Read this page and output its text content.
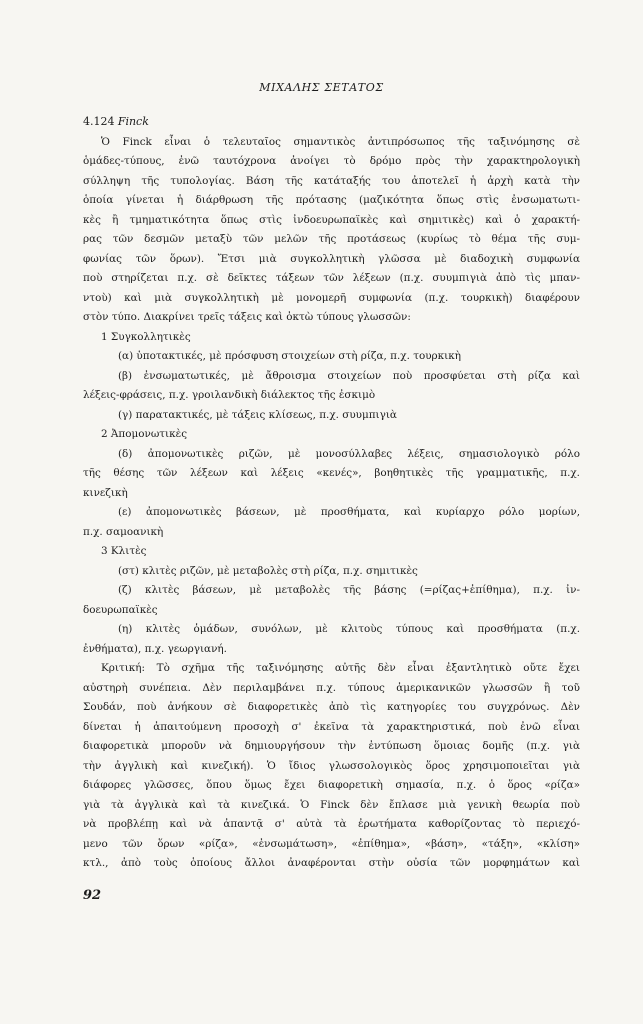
ΜΙΧΑΛΗΣ ΣΕΤΑΤΟΣ
4.124 Finck
Ὁ Finck εἶναι ὁ τελευταῖος σημαντικὸς ἀντιπρόσωπος τῆς ταξινόμησης σὲ
ὁμάδες-τύπους, ἐνῶ ταυτόχρονα ἀνοίγει τὸ δρόμο πρὸς τὴν χαρακτηρολογικὴ
σύλληψη τῆς τυπολογίας. Βάση τῆς κατάταξής του ἀποτελεῖ ἡ ἀρχὴ κατὰ τὴν
ὁποία γίνεται ἡ διάρθρωση τῆς πρότασης (μαζικότητα ὅπως στὶς ἐνσωματωτι-
κὲς ἢ τμηματικότητα ὅπως στὶς ἰνδοευρωπαϊκὲς καὶ σημιτικὲς) καὶ ὁ χαρακτή-
ρας τῶν δεσμῶν μεταξὺ τῶν μελῶν τῆς προτάσεως (κυρίως τὸ θέμα τῆς συμ-
φωνίας τῶν ὅρων). Ἔτσι μιὰ συγκολλητικὴ γλῶσσα μὲ διαδοχικὴ συμφωνία
ποὺ στηρίζεται π.χ. σὲ δεῖκτες τάξεων τῶν λέξεων (π.χ. συυμπιγιὰ ἀπὸ τὶς μπαν-
ντοὺ) καὶ μιὰ συγκολλητικὴ μὲ μονομερῆ συμφωνία (π.χ. τουρκικὴ) διαφέρουν
στὸν τύπο. Διακρίνει τρεῖς τάξεις καὶ ὀκτὼ τύπους γλωσσῶν:
1 Συγκολλητικὲς
(α) ὑποτακτικές, μὲ πρόσφυση στοιχείων στὴ ρίζα, π.χ. τουρκικὴ
(β) ἐνσωματωτικές, μὲ ἄθροισμα στοιχείων ποὺ προσφύεται στὴ ρίζα καὶ
λέξεις-φράσεις, π.χ. γροιλανδικὴ διάλεκτος τῆς ἐσκιμὸ
(γ) παρατακτικές, μὲ τάξεις κλίσεως, π.χ. συυμπιγιὰ
2 Ἀπομονωτικὲς
(δ) ἀπομονωτικὲς ριζῶν, μὲ μονοσύλλαβες λέξεις, σημασιολογικὸ ρόλο
τῆς θέσης τῶν λέξεων καὶ λέξεις «κενές», βοηθητικὲς τῆς γραμματικῆς, π.χ.
κινεζικὴ
(ε) ἀπομονωτικὲς βάσεων, μὲ προσθήματα, καὶ κυρίαρχο ρόλο μορίων,
π.χ. σαμοανικὴ
3 Κλιτὲς
(στ) κλιτὲς ριζῶν, μὲ μεταβολὲς στὴ ρίζα, π.χ. σημιτικὲς
(ζ) κλιτὲς βάσεων, μὲ μεταβολὲς τῆς βάσης (=ρίζας+ἐπίθημα), π.χ. ἰν-
δοευρωπαϊκὲς
(η) κλιτὲς ὁμάδων, συνόλων, μὲ κλιτοὺς τύπους καὶ προσθήματα (π.χ.
ἐνθήματα), π.χ. γεωργιανή.
Κριτική: Τὸ σχῆμα τῆς ταξινόμησης αὐτῆς δὲν εἶναι ἐξαντλητικὸ οὔτε ἔχει
αὐστηρὴ συνέπεια. Δὲν περιλαμβάνει π.χ. τύπους ἀμερικανικῶν γλωσσῶν ἢ τοῦ
Σουδάν, ποὺ ἀνήκουν σὲ διαφορετικὲς ἀπὸ τὶς κατηγορίες του συγχρόνως. Δὲν
δίνεται ἡ ἀπαιτούμενη προσοχὴ σ' ἐκεῖνα τὰ χαρακτηριστικά, ποὺ ἐνῶ εἶναι
διαφορετικὰ μποροῦν νὰ δημιουργήσουν τὴν ἐντύπωση ὅμοιας δομῆς (π.χ. γιὰ
τὴν ἀγγλικὴ καὶ κινεζική). Ὁ ἴδιος γλωσσολογικὸς ὅρος χρησιμοποιεῖται γιὰ
διάφορες γλῶσσες, ὅπου ὅμως ἔχει διαφορετικὴ σημασία, π.χ. ὁ ὅρος «ρίζα»
γιὰ τὰ ἀγγλικὰ καὶ τὰ κινεζικά. Ὁ Finck δὲν ἔπλασε μιὰ γενικὴ θεωρία ποὺ
νὰ προβλέπῃ καὶ νὰ ἀπαντᾷ σ' αὐτὰ τὰ ἐρωτήματα καθορίζοντας τὸ περιεχό-
μενο τῶν ὅρων «ρίζα», «ἐνσωμάτωση», «ἐπίθημα», «βάση», «τάξη», «κλίση»
κτλ., ἀπὸ τοὺς ὁποίους ἄλλοι ἀναφέρονται στὴν οὐσία τῶν μορφημάτων καὶ
92
